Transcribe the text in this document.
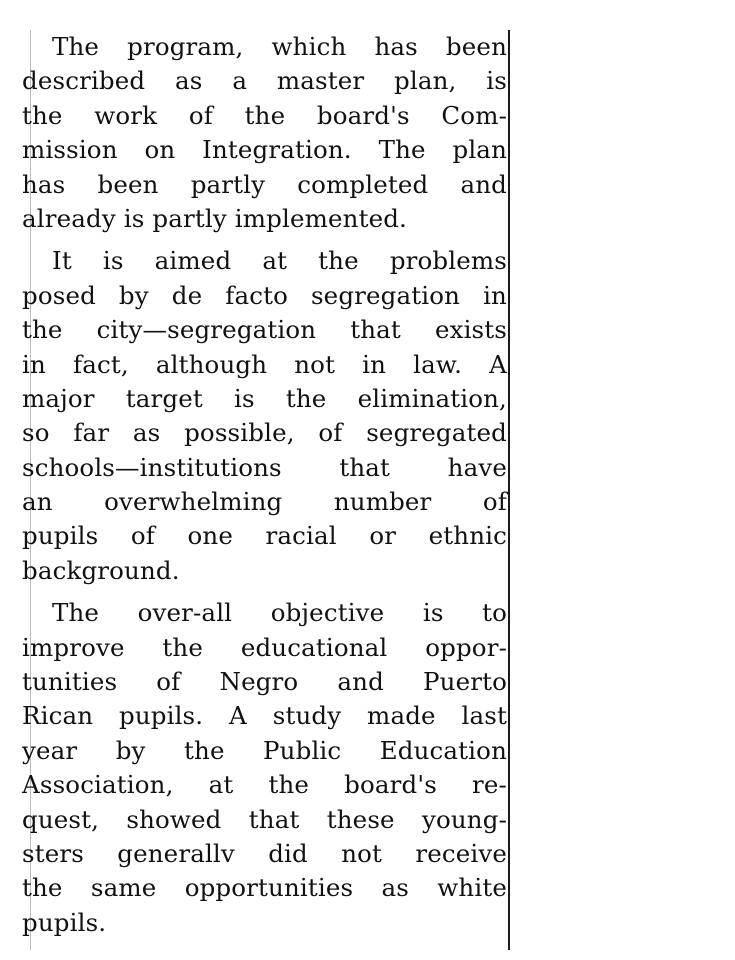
The program, which has been
described as a master plan, is
the work of the board's Com-
mission on Integration. The plan
has been partly completed and
already is partly implemented.
It is aimed at the problems
posed by de facto segregation in
the city—segregation that exists
in fact, although not in law. A
major target is the elimination,
so far as possible, of segregated
schools—institutions that have
an overwhelming number of
pupils of one racial or ethnic
background.
The over-all objective is to
improve the educational oppor-
tunities of Negro and Puerto
Rican pupils. A study made last
year by the Public Education
Association, at the board's re-
quest, showed that these young-
sters generallv did not receive
the same opportunities as white
pupils.
